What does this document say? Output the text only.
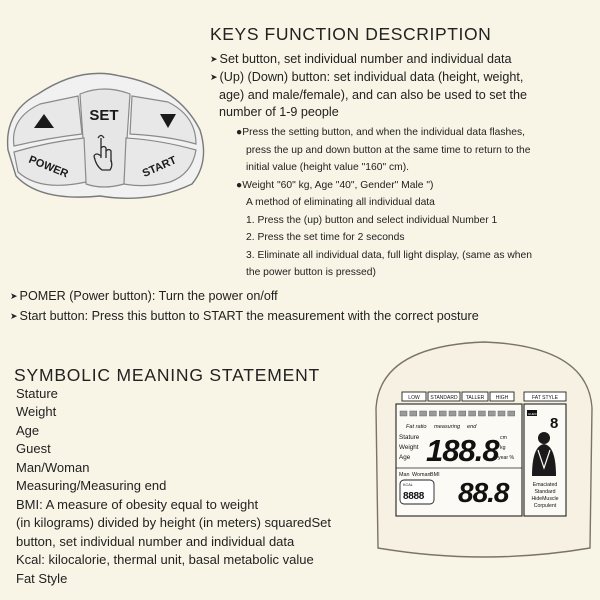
SET
POWER	START
KEYS FUNCTION DESCRIPTION
➤ Set button, set individual number and individual data
➤ (Up) (Down) button: set individual data (height, weight,
age) and male/female), and can also be used to set the
number of 1-9 people
●Press the setting button, and when the individual data flashes,
press the up and down button at the same time to return to the
initial value (height value "160" cm).
●Weight "60" kg, Age "40", Gender" Male ")
A method of eliminating all individual data
1. Press the (up) button and select individual Number 1
2. Press the set time for 2 seconds
3. Eliminate all individual data, full light display, (same as when
the power button is pressed)
➤ POMER (Power button): Turn the power on/off
➤ Start button: Press this button to START the measurement with the correct posture
SYMBOLIC MEANING STATEMENT
Stature
Weight
Age
Guest
Man/Woman
Measuring/Measuring end
BMI: A measure of obesity equal to weight
(in kilograms) divided by height (in meters) squaredSet
button, set individual number and individual data
Kcal: kilocalorie, thermal unit, basal metabolic value
Fat Style
LOW STANDARD TALLER HIGH	FAT STYLE
Fat ratio measuring end
Stature
Weight
Age 188.8 cm
kg
year %
Man Woman BMI
KCAL
8888 88.8
GUEST
8
Emaciated
Standard
HideMuscle
Corpulent
